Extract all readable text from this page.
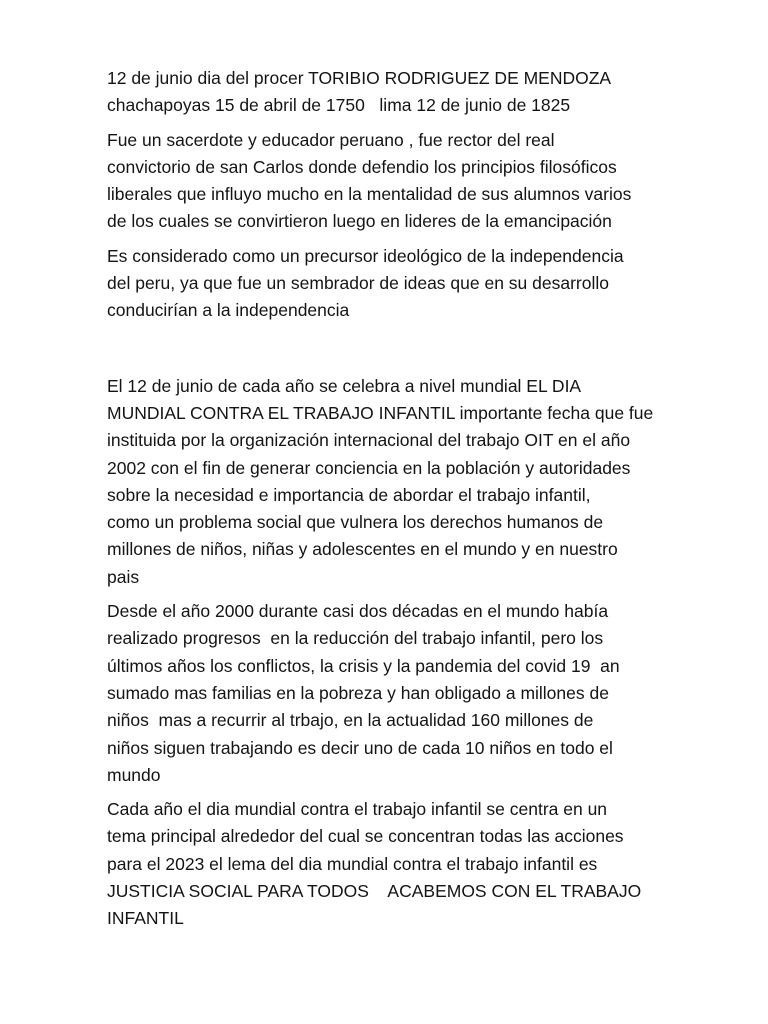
12 de junio dia del procer TORIBIO RODRIGUEZ DE MENDOZA
chachapoyas 15 de abril de 1750   lima 12 de junio de 1825

Fue un sacerdote y educador peruano , fue rector del real
convictorio de san Carlos donde defendio los principios filosóficos
liberales que influyo mucho en la mentalidad de sus alumnos varios
de los cuales se convirtieron luego en lideres de la emancipación

Es considerado como un precursor ideológico de la independencia
del peru, ya que fue un sembrador de ideas que en su desarrollo
conducirían a la independencia

El 12 de junio de cada año se celebra a nivel mundial EL DIA
MUNDIAL CONTRA EL TRABAJO INFANTIL importante fecha que fue
instituida por la organización internacional del trabajo OIT en el año
2002 con el fin de generar conciencia en la población y autoridades
sobre la necesidad e importancia de abordar el trabajo infantil,
como un problema social que vulnera los derechos humanos de
millones de niños, niñas y adolescentes en el mundo y en nuestro
pais

Desde el año 2000 durante casi dos décadas en el mundo había
realizado progresos  en la reducción del trabajo infantil, pero los
últimos años los conflictos, la crisis y la pandemia del covid 19  an
sumado mas familias en la pobreza y han obligado a millones de
niños  mas a recurrir al trbajo, en la actualidad 160 millones de
niños siguen trabajando es decir uno de cada 10 niños en todo el
mundo

Cada año el dia mundial contra el trabajo infantil se centra en un
tema principal alrededor del cual se concentran todas las acciones
para el 2023 el lema del dia mundial contra el trabajo infantil es
JUSTICIA SOCIAL PARA TODOS    ACABEMOS CON EL TRABAJO
INFANTIL
